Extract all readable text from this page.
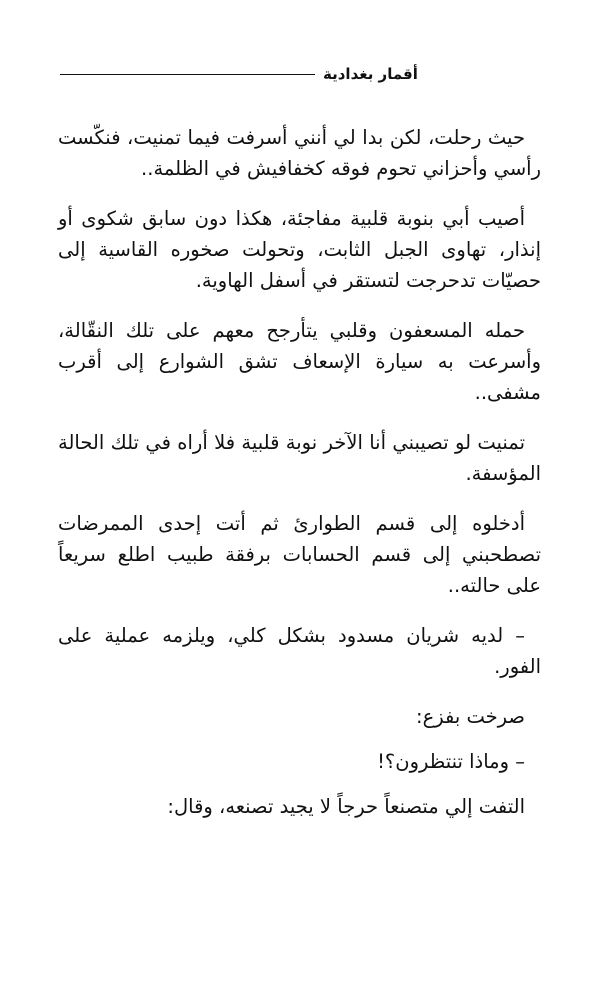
أقمار بغدادية

حيث رحلت، لكن بدا لي أنني أسرفت فيما تمنيت، فنكّست رأسي وأحزاني تحوم فوقه كخفافيش في الظلمة..

أصيب أبي بنوبة قلبية مفاجئة، هكذا دون سابق شكوى أو إنذار، تهاوى الجبل الثابت، وتحولت صخوره القاسية إلى حصيّات تدحرجت لتستقر في أسفل الهاوية.

حمله المسعفون وقلبي يتأرجح معهم على تلك النقّالة، وأسرعت به سيارة الإسعاف تشق الشوارع إلى أقرب مشفى..

تمنيت لو تصيبني أنا الآخر نوبة قلبية فلا أراه في تلك الحالة المؤسفة.

أدخلوه إلى قسم الطوارئ ثم أتت إحدى الممرضات تصطحبني إلى قسم الحسابات برفقة طبيب اطلع سريعاً على حالته..

– لديه شريان مسدود بشكل كلي، ويلزمه عملية على الفور.

صرخت بفزع:

– وماذا تنتظرون؟!

التفت إلي متصنعاً حرجاً لا يجيد تصنعه، وقال:
